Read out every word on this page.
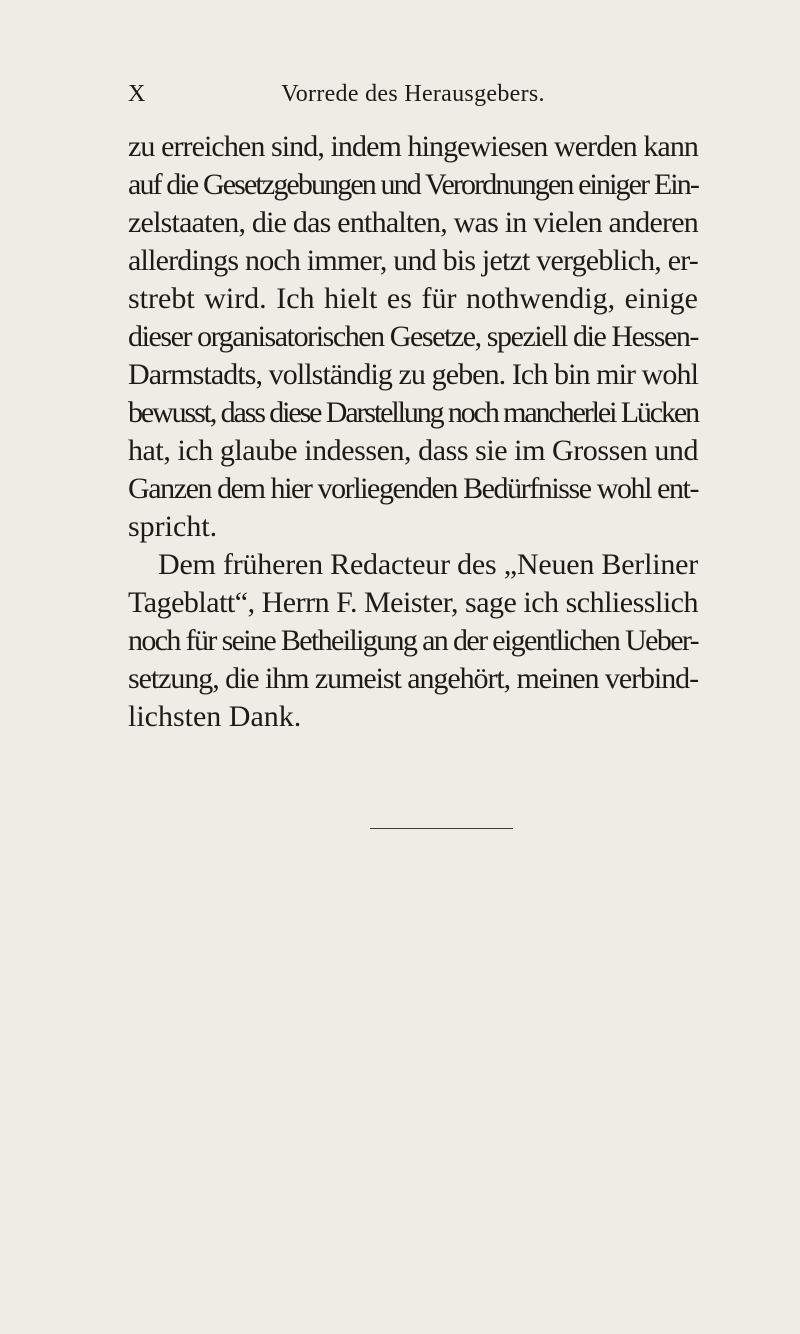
X	Vorrede des Herausgebers.
zu erreichen sind, indem hingewiesen werden kann
auf die Gesetzgebungen und Verordnungen einiger Ein-
zelstaaten, die das enthalten, was in vielen anderen
allerdings noch immer, und bis jetzt vergeblich, er-
strebt wird. Ich hielt es für nothwendig, einige
dieser organisatorischen Gesetze, speziell die Hessen-
Darmstadts, vollständig zu geben. Ich bin mir wohl
bewusst, dass diese Darstellung noch mancherlei Lücken
hat, ich glaube indessen, dass sie im Grossen und
Ganzen dem hier vorliegenden Bedürfnisse wohl ent-
spricht.
Dem früheren Redacteur des „Neuen Berliner
Tageblatt“, Herrn F. Meister, sage ich schliesslich
noch für seine Betheiligung an der eigentlichen Ueber-
setzung, die ihm zumeist angehört, meinen verbind-
lichsten Dank.
